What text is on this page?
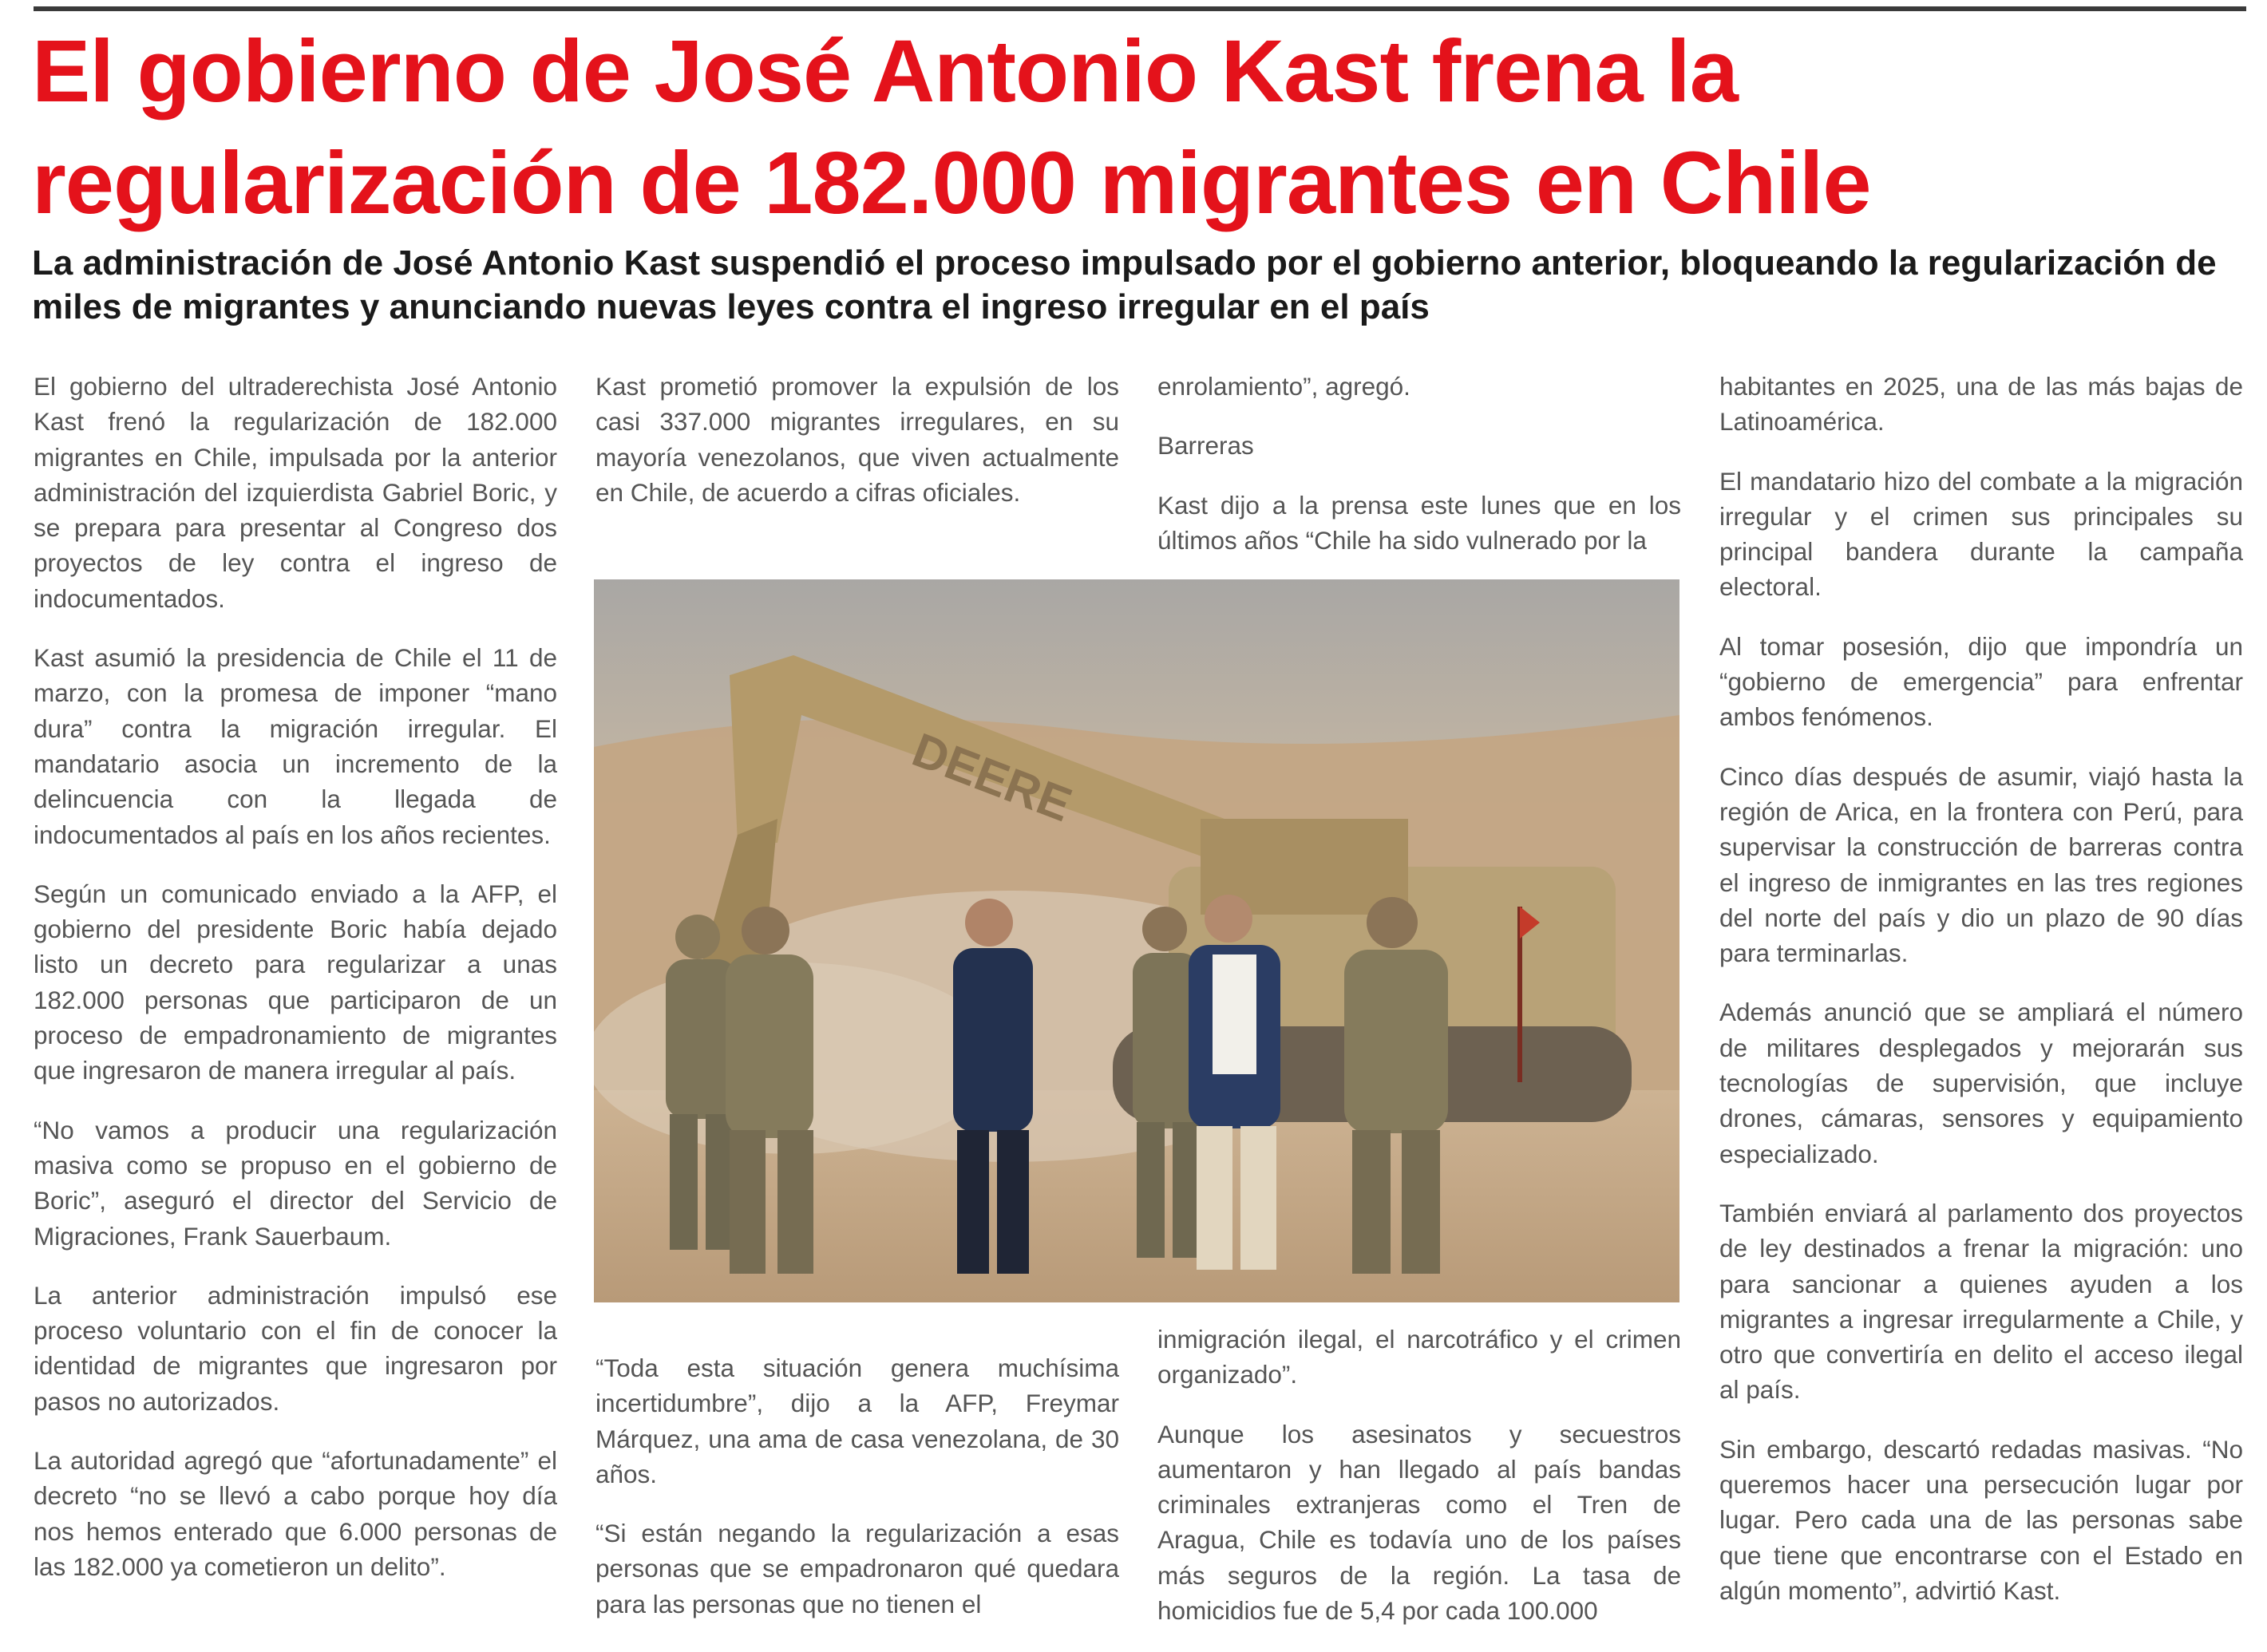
El gobierno de José Antonio Kast frena la regularización de 182.000 migrantes en Chile
La administración de José Antonio Kast suspendió el proceso impulsado por el gobierno anterior, bloqueando la regularización de miles de migrantes y anunciando nuevas leyes contra el ingreso irregular en el país

El gobierno del ultraderechista José Antonio Kast frenó la regularización de 182.000 migrantes en Chile, impulsada por la anterior administración del izquierdista Gabriel Boric, y se prepara para presentar al Congreso dos proyectos de ley contra el ingreso de indocumentados.

Kast asumió la presidencia de Chile el 11 de marzo, con la promesa de imponer “mano dura” contra la migración irregular. El mandatario asocia un incremento de la delincuencia con la llegada de indocumentados al país en los años recientes.

Según un comunicado enviado a la AFP, el gobierno del presidente Boric había dejado listo un decreto para regularizar a unas 182.000 personas que participaron de un proceso de empadronamiento de migrantes que ingresaron de manera irregular al país.

“No vamos a producir una regularización masiva como se propuso en el gobierno de Boric”, aseguró el director del Servicio de Migraciones, Frank Sauerbaum.

La anterior administración impulsó ese proceso voluntario con el fin de conocer la identidad de migrantes que ingresaron por pasos no autorizados.

La autoridad agregó que “afortunadamente” el decreto “no se llevó a cabo porque hoy día nos hemos enterado que 6.000 personas de las 182.000 ya cometieron un delito”.

Kast prometió promover la expulsión de los casi 337.000 migrantes irregulares, en su mayoría venezolanos, que viven actualmente en Chile, de acuerdo a cifras oficiales.

enrolamiento”, agregó.

Barreras

Kast dijo a la prensa este lunes que en los últimos años “Chile ha sido vulnerado por la

DEERE

“Toda esta situación genera muchísima incertidumbre”, dijo a la AFP, Freymar Márquez, una ama de casa venezolana, de 30 años.

“Si están negando la regularización a esas personas que se empadronaron qué quedara para las personas que no tienen el

inmigración ilegal, el narcotráfico y el crimen organizado”.

Aunque los asesinatos y secuestros aumentaron y han llegado al país bandas criminales extranjeras como el Tren de Aragua, Chile es todavía uno de los países más seguros de la región. La tasa de homicidios fue de 5,4 por cada 100.000

habitantes en 2025, una de las más bajas de Latinoamérica.

El mandatario hizo del combate a la migración irregular y el crimen sus principales su principal bandera durante la campaña electoral.

Al tomar posesión, dijo que impondría un “gobierno de emergencia” para enfrentar ambos fenómenos.

Cinco días después de asumir, viajó hasta la región de Arica, en la frontera con Perú, para supervisar la construcción de barreras contra el ingreso de inmigrantes en las tres regiones del norte del país y dio un plazo de 90 días para terminarlas.

Además anunció que se ampliará el número de militares desplegados y mejorarán sus tecnologías de supervisión, que incluye drones, cámaras, sensores y equipamiento especializado.

También enviará al parlamento dos proyectos de ley destinados a frenar la migración: uno para sancionar a quienes ayuden a los migrantes a ingresar irregularmente a Chile, y otro que convertiría en delito el acceso ilegal al país.

Sin embargo, descartó redadas masivas. “No queremos hacer una persecución lugar por lugar. Pero cada una de las personas sabe que tiene que encontrarse con el Estado en algún momento”, advirtió Kast.
